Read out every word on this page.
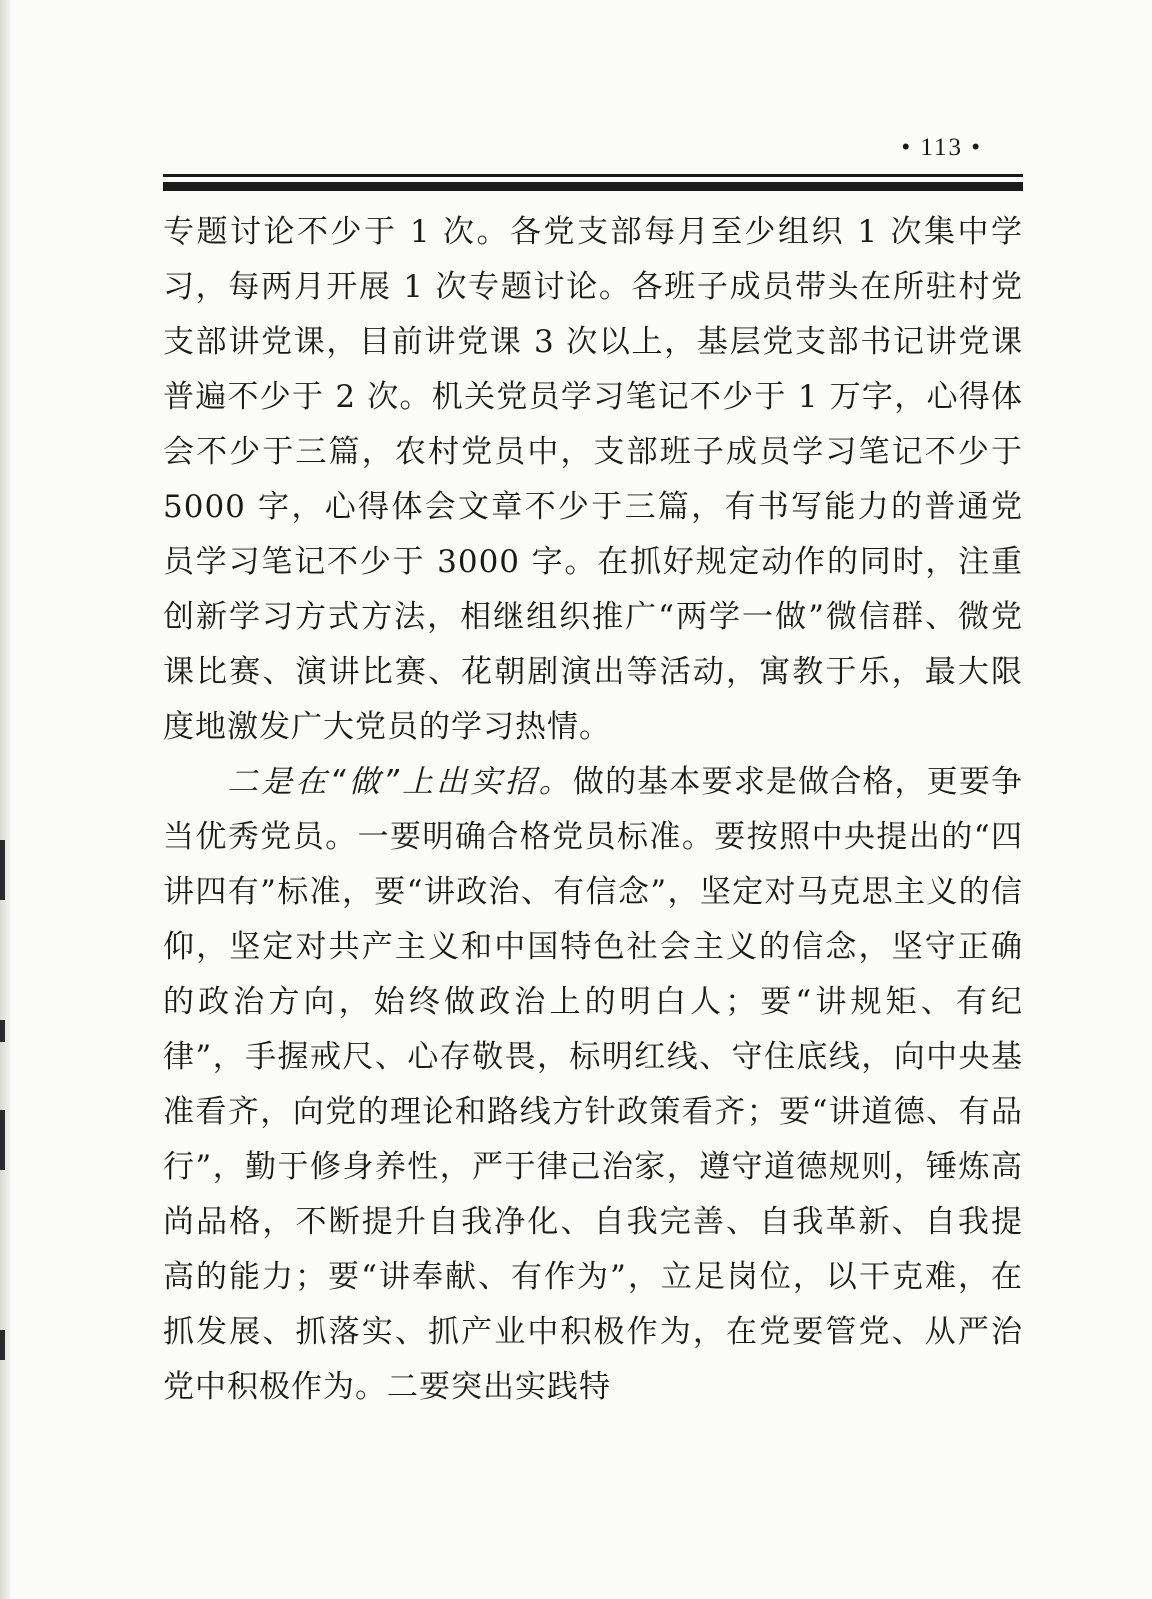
• 113 •

专题讨论不少于 1 次。各党支部每月至少组织 1 次集中学习，每两月开展 1 次专题讨论。各班子成员带头在所驻村党支部讲党课，目前讲党课 3 次以上，基层党支部书记讲党课普遍不少于 2 次。机关党员学习笔记不少于 1 万字，心得体会不少于三篇，农村党员中，支部班子成员学习笔记不少于 5000 字，心得体会文章不少于三篇，有书写能力的普通党员学习笔记不少于 3000 字。在抓好规定动作的同时，注重创新学习方式方法，相继组织推广“两学一做”微信群、微党课比赛、演讲比赛、花朝剧演出等活动，寓教于乐，最大限度地激发广大党员的学习热情。

二是在“做”上出实招。做的基本要求是做合格，更要争当优秀党员。一要明确合格党员标准。要按照中央提出的“四讲四有”标准，要“讲政治、有信念”，坚定对马克思主义的信仰，坚定对共产主义和中国特色社会主义的信念，坚守正确的政治方向，始终做政治上的明白人；要“讲规矩、有纪律”，手握戒尺、心存敬畏，标明红线、守住底线，向中央基准看齐，向党的理论和路线方针政策看齐；要“讲道德、有品行”，勤于修身养性，严于律己治家，遵守道德规则，锤炼高尚品格，不断提升自我净化、自我完善、自我革新、自我提高的能力；要“讲奉献、有作为”，立足岗位，以干克难，在抓发展、抓落实、抓产业中积极作为，在党要管党、从严治党中积极作为。二要突出实践特
